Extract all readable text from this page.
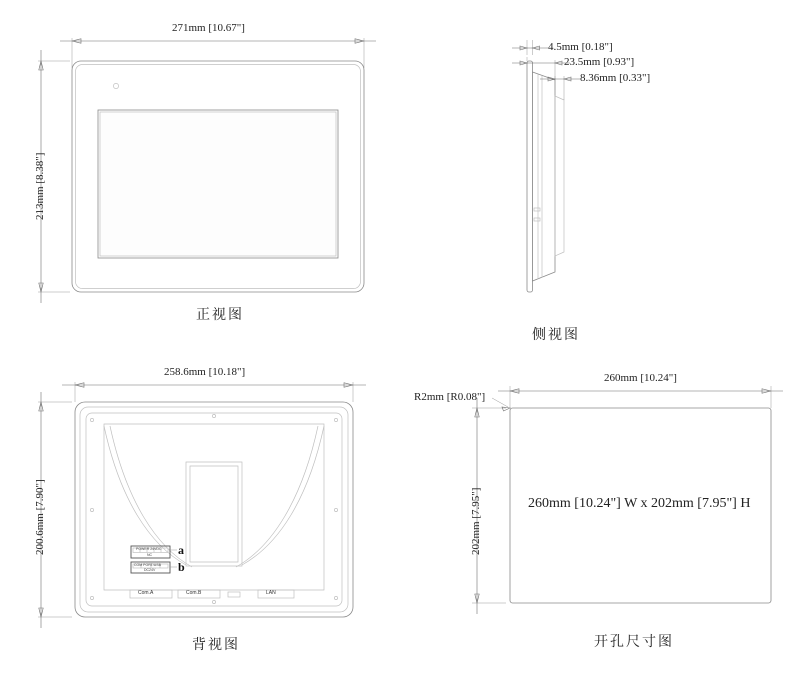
271mm [10.67"]
213mm [8.38"]
正视图
4.5mm [0.18"]
23.5mm [0.93"]
8.36mm [0.33"]
侧视图
258.6mm [10.18"]
200.6mm [7.90"]	POWER 24VDC
NC
COM PORT/USB
DC24V
a
b
Com.A	Com.B	LAN
背视图
260mm [10.24"]
202mm [7.95"]
R2mm [R0.08"]
260mm [10.24"] W x 202mm [7.95"] H
开孔尺寸图
